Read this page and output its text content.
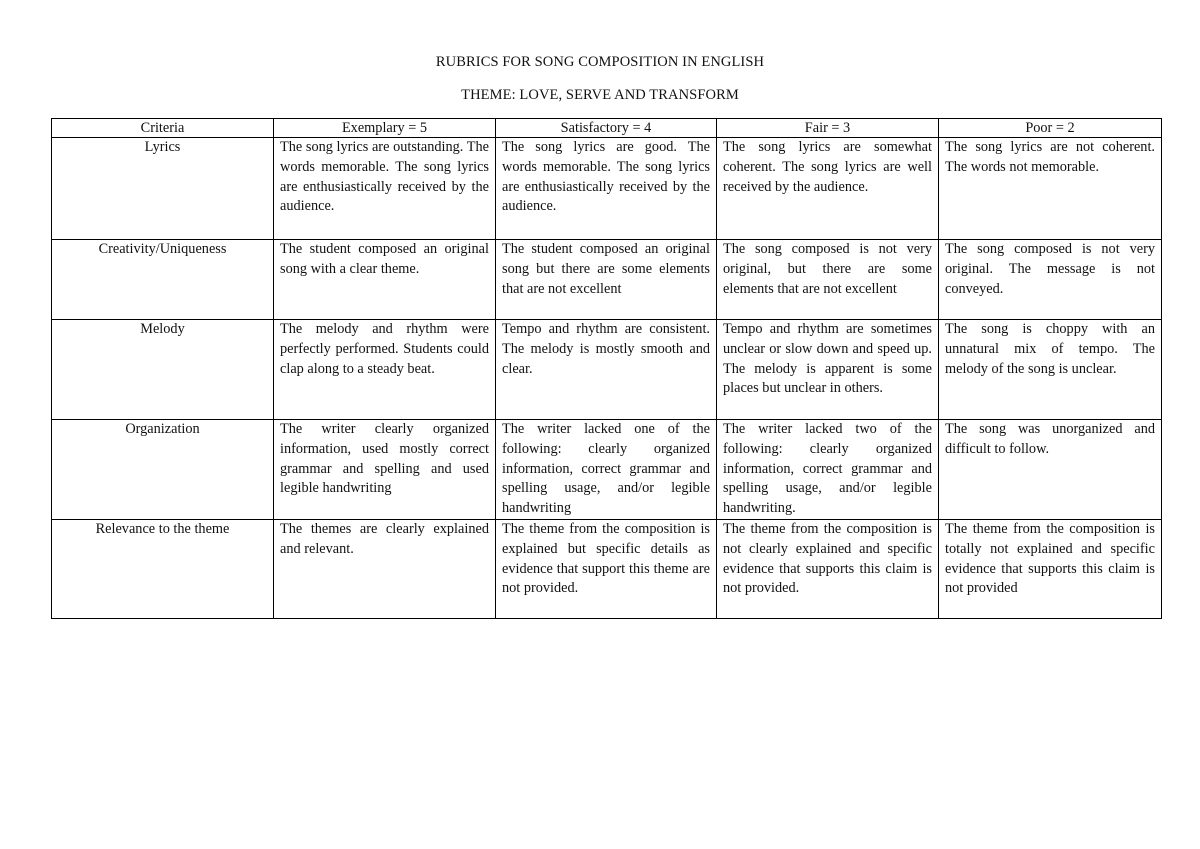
RUBRICS FOR SONG COMPOSITION IN ENGLISH
THEME: LOVE, SERVE AND TRANSFORM
Criteria	Exemplary = 5	Satisfactory = 4	Fair = 3	Poor = 2
Lyrics	The song lyrics are outstanding. The words memorable. The song lyrics are enthusiastically received by the audience.	The song lyrics are good. The words memorable. The song lyrics are enthusiastically received by the audience.	The song lyrics are somewhat coherent. The song lyrics are well received by the audience.	The song lyrics are not coherent. The words not memorable.
Creativity/Uniqueness	The student composed an original song with a clear theme.	The student composed an original song but there are some elements that are not excellent	The song composed is not very original, but there are some elements that are not excellent	The song composed is not very original. The message is not conveyed.
Melody	The melody and rhythm were perfectly performed. Students could clap along to a steady beat.	Tempo and rhythm are consistent. The melody is mostly smooth and clear.	Tempo and rhythm are sometimes unclear or slow down and speed up. The melody is apparent is some places but unclear in others.	The song is choppy with an unnatural mix of tempo. The melody of the song is unclear.
Organization	The writer clearly organized information, used mostly correct grammar and spelling and used legible handwriting	The writer lacked one of the following: clearly organized information, correct grammar and spelling usage, and/or legible handwriting	The writer lacked two of the following: clearly organized information, correct grammar and spelling usage, and/or legible handwriting.	The song was unorganized and difficult to follow.
Relevance to the theme	The themes are clearly explained and relevant.	The theme from the composition is explained but specific details as evidence that support this theme are not provided.	The theme from the composition is not clearly explained and specific evidence that supports this claim is not provided.	The theme from the composition is totally not explained and specific evidence that supports this claim is not provided
